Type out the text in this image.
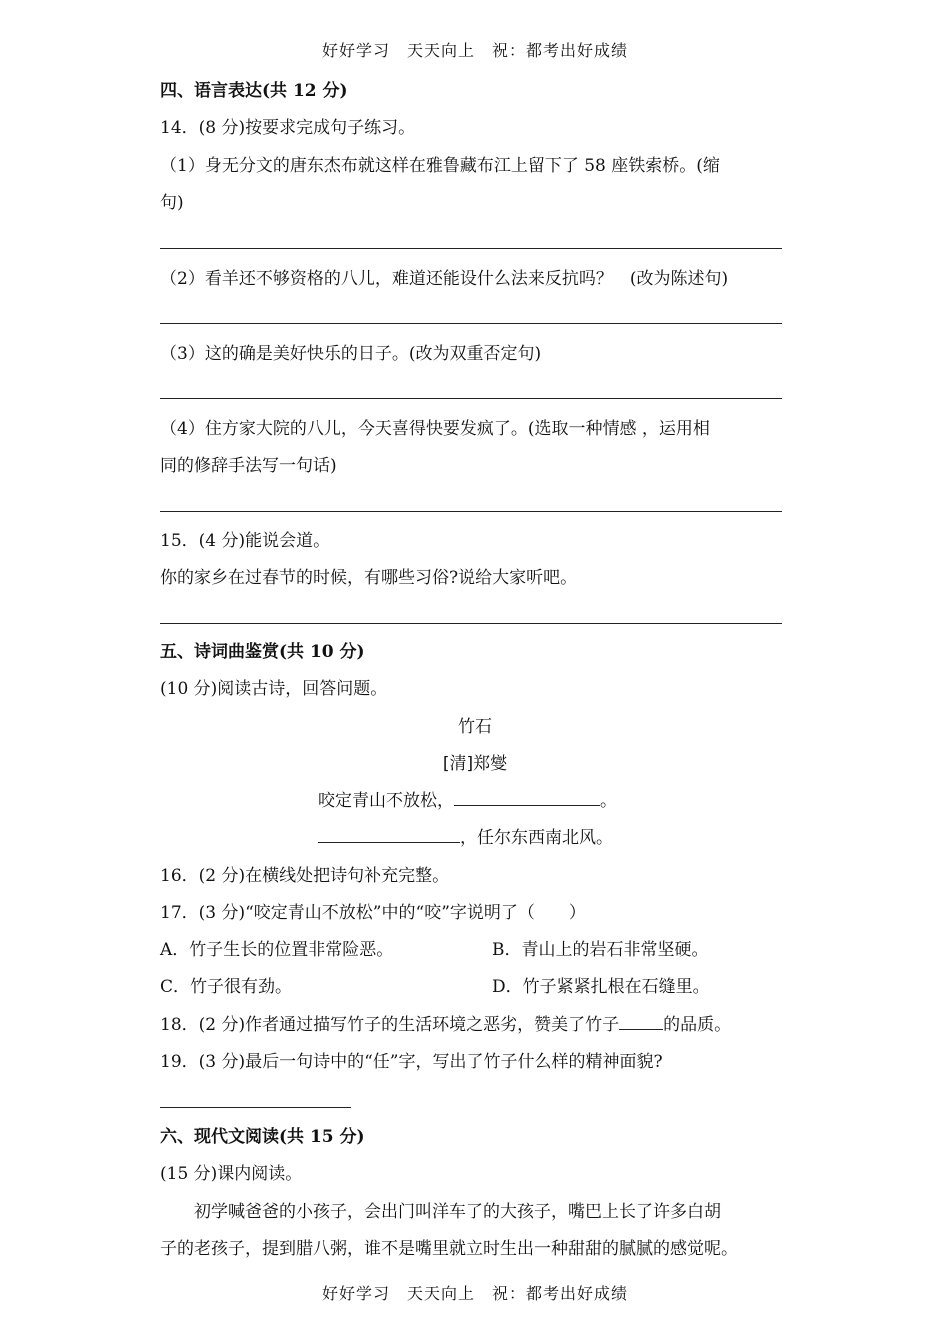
好好学习　天天向上　祝：都考出好成绩
四、语言表达(共 12 分)
14．(8 分)按要求完成句子练习。
（1）身无分文的唐东杰布就这样在雅鲁藏布江上留下了 58 座铁索桥。(缩
句)
（2）看羊还不够资格的八儿，难道还能设什么法来反抗吗？　(改为陈述句)
（3）这的确是美好快乐的日子。(改为双重否定句)
（4）住方家大院的八儿，今天喜得快要发疯了。(选取一种情感 ，运用相
同的修辞手法写一句话)
15．(4 分)能说会道。
你的家乡在过春节的时候，有哪些习俗?说给大家听吧。
五、诗词曲鉴赏(共 10 分)
(10 分)阅读古诗，回答问题。
竹石
[清]郑燮
咬定青山不放松，	。
，任尔东西南北风。
16．(2 分)在横线处把诗句补充完整。
17．(3 分)“咬定青山不放松”中的“咬”字说明了（　　）
A．竹子生长的位置非常险恶。	B．青山上的岩石非常坚硬。
C．竹子很有劲。	D．竹子紧紧扎根在石缝里。
18．(2 分)作者通过描写竹子的生活环境之恶劣，赞美了竹子	的品质。
19．(3 分)最后一句诗中的“任”字，写出了竹子什么样的精神面貌?
六、现代文阅读(共 15 分)
(15 分)课内阅读。
初学喊爸爸的小孩子，会出门叫洋车了的大孩子，嘴巴上长了许多白胡
子的老孩子，提到腊八粥，谁不是嘴里就立时生出一种甜甜的腻腻的感觉呢。
好好学习　天天向上　祝：都考出好成绩
